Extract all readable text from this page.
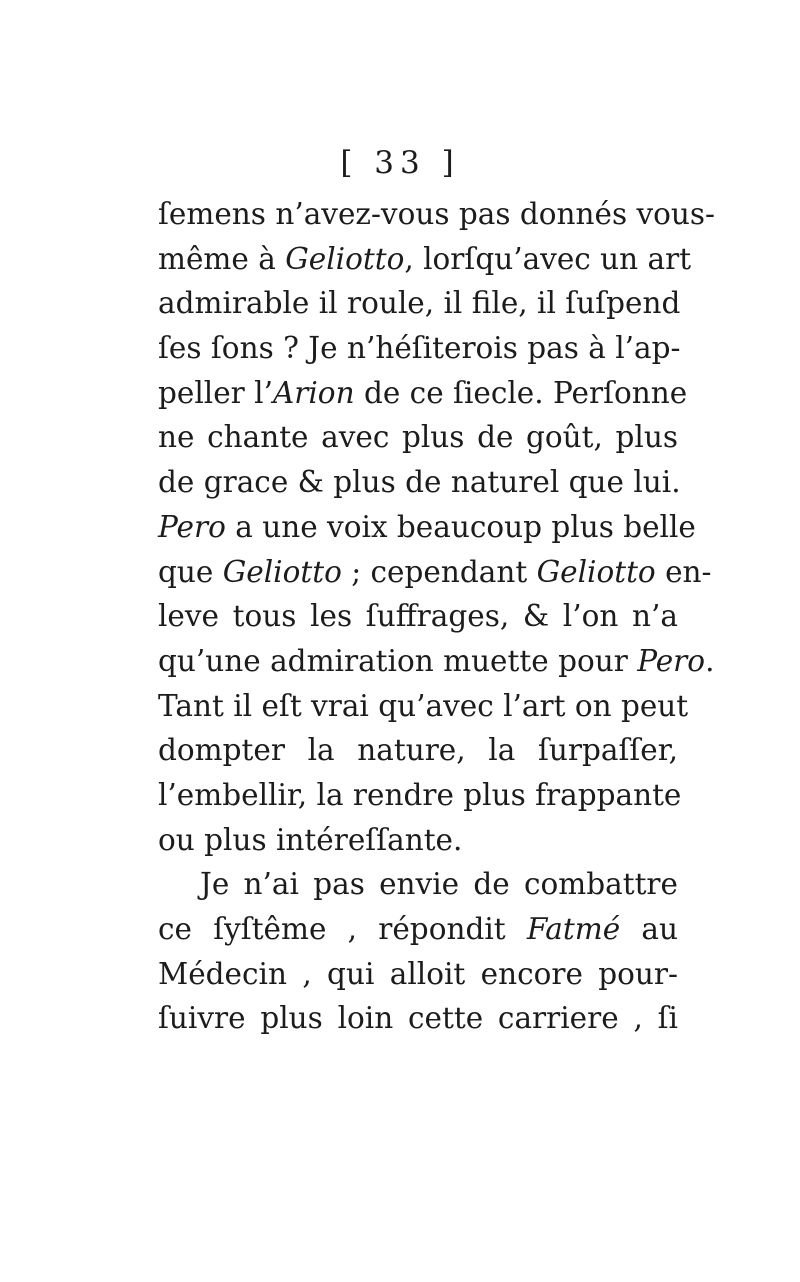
[ 33 ]
ſemens n’avez-vous pas donnés vous-
même à Geliotto, lorſqu’avec un art
admirable il roule, il file, il ſuſpend
ſes ſons ? Je n’héſiterois pas à l’ap-
peller l’Arion de ce ſiecle. Perſonne
ne chante avec plus de goût, plus
de grace & plus de naturel que lui.
Pero a une voix beaucoup plus belle
que Geliotto ; cependant Geliotto en-
leve tous les ſuffrages, & l’on n’a
qu’une admiration muette pour Pero.
Tant il eſt vrai qu’avec l’art on peut
dompter la nature, la ſurpaſſer,
l’embellir, la rendre plus frappante
ou plus intéreſſante.
Je n’ai pas envie de combattre
ce ſyſtême , répondit Fatmé au
Médecin , qui alloit encore pour-
ſuivre plus loin cette carriere , ſi
